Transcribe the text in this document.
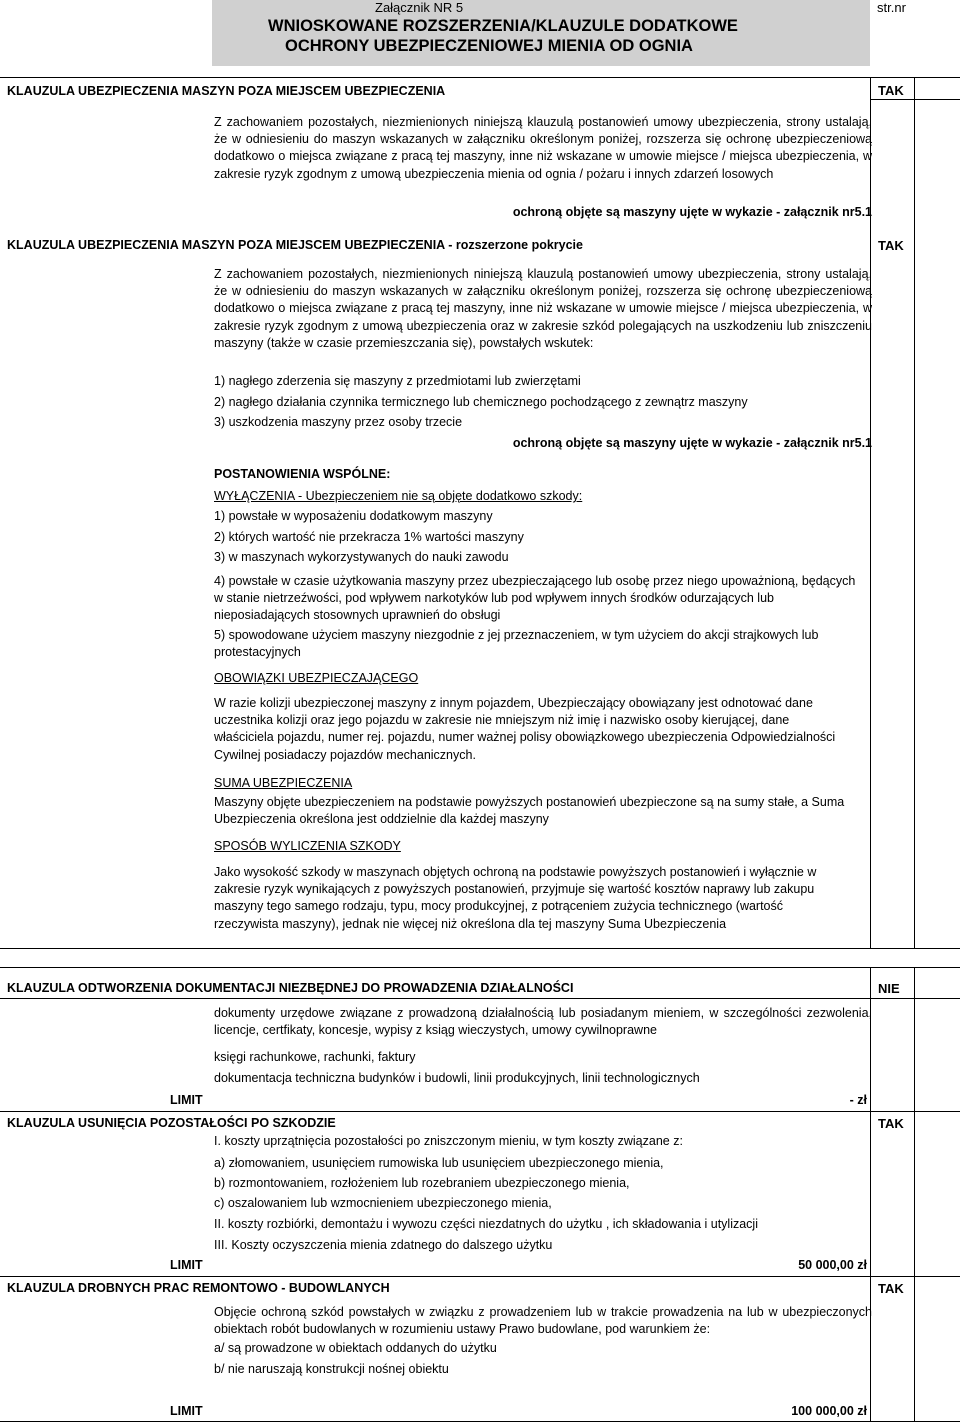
Załącznik NR 5	str.nr
WNIOSKOWANE ROZSZERZENIA/KLAUZULE DODATKOWE
OCHRONY UBEZPIECZENIOWEJ MIENIA OD OGNIA
KLAUZULA UBEZPIECZENIA MASZYN POZA MIEJSCEM UBEZPIECZENIA	TAK
Z zachowaniem pozostałych, niezmienionych niniejszą klauzulą postanowień umowy ubezpieczenia, strony ustalają, że w odniesieniu do maszyn wskazanych w załączniku określonym poniżej, rozszerza się ochronę ubezpieczeniową dodatkowo o miejsca związane z pracą tej maszyny, inne niż wskazane w umowie miejsce / miejsca ubezpieczenia, w zakresie ryzyk zgodnym z umową ubezpieczenia mienia od ognia / pożaru i innych zdarzeń losowych
ochroną objęte są maszyny ujęte w wykazie - załącznik nr5.1
KLAUZULA UBEZPIECZENIA MASZYN POZA MIEJSCEM UBEZPIECZENIA - rozszerzone pokrycie	TAK
Z zachowaniem pozostałych, niezmienionych niniejszą klauzulą postanowień umowy ubezpieczenia, strony ustalają, że w odniesieniu do maszyn wskazanych w załączniku określonym poniżej, rozszerza się ochronę ubezpieczeniową dodatkowo o miejsca związane z pracą tej maszyny, inne niż wskazane w umowie miejsce / miejsca ubezpieczenia, w zakresie ryzyk zgodnym z umową ubezpieczenia oraz w zakresie szkód polegających na uszkodzeniu lub zniszczeniu maszyny (także w czasie przemieszczania się), powstałych wskutek:
1) nagłego zderzenia się maszyny z przedmiotami lub zwierzętami
2) nagłego działania czynnika termicznego lub chemicznego pochodzącego z zewnątrz maszyny
3) uszkodzenia maszyny przez osoby trzecie
ochroną objęte są maszyny ujęte w wykazie - załącznik nr5.1
POSTANOWIENIA WSPÓLNE:
WYŁĄCZENIA - Ubezpieczeniem nie są objęte dodatkowo szkody:
1) powstałe w wyposażeniu dodatkowym maszyny
2) których wartość nie przekracza 1% wartości maszyny
3) w maszynach wykorzystywanych do nauki zawodu
4) powstałe w czasie użytkowania maszyny przez ubezpieczającego lub osobę przez niego upoważnioną, będących w stanie nietrzeźwości, pod wpływem narkotyków lub pod wpływem innych środków odurzających lub nieposiadających stosownych uprawnień do obsługi
5) spowodowane użyciem maszyny niezgodnie z jej przeznaczeniem, w tym użyciem do akcji strajkowych lub protestacyjnych
OBOWIĄZKI UBEZPIECZAJĄCEGO
W razie kolizji ubezpieczonej maszyny z innym pojazdem, Ubezpieczający obowiązany jest odnotować dane uczestnika kolizji oraz jego pojazdu w zakresie nie mniejszym niż imię i nazwisko osoby kierującej, dane właściciela pojazdu, numer rej. pojazdu, numer ważnej polisy obowiązkowego ubezpieczenia Odpowiedzialności Cywilnej posiadaczy pojazdów mechanicznych.
SUMA UBEZPIECZENIA
Maszyny objęte ubezpieczeniem na podstawie powyższych postanowień ubezpieczone są na sumy stałe, a Suma Ubezpieczenia określona jest oddzielnie dla każdej maszyny
SPOSÓB WYLICZENIA SZKODY
Jako wysokość szkody w maszynach objętych ochroną na podstawie powyższych postanowień i wyłącznie w zakresie ryzyk wynikających z powyższych postanowień, przyjmuje się wartość kosztów naprawy lub zakupu maszyny tego samego rodzaju, typu, mocy produkcyjnej, z potrąceniem zużycia technicznego (wartość rzeczywista maszyny), jednak nie więcej niż określona dla tej maszyny Suma Ubezpieczenia
KLAUZULA ODTWORZENIA DOKUMENTACJI NIEZBĘDNEJ DO PROWADZENIA DZIAŁALNOŚCI	NIE
dokumenty urzędowe związane z prowadzoną działalnością lub posiadanym mieniem, w szczególności zezwolenia, licencje, certfikaty, koncesje, wypisy z ksiąg wieczystych, umowy cywilnoprawne
księgi rachunkowe, rachunki, faktury
dokumentacja techniczna budynków i budowli, linii produkcyjnych, linii technologicznych
LIMIT	- zł
KLAUZULA USUNIĘCIA POZOSTAŁOŚCI PO SZKODZIE	TAK
I. koszty uprzątnięcia pozostałości po zniszczonym mieniu, w tym koszty związane z:
a) złomowaniem, usunięciem rumowiska lub usunięciem ubezpieczonego mienia,
b) rozmontowaniem, rozłożeniem lub rozebraniem ubezpieczonego mienia,
c) oszalowaniem lub wzmocnieniem ubezpieczonego mienia,
II. koszty rozbiórki, demontażu i wywozu części niezdatnych do użytku , ich składowania i utylizacji
III. Koszty oczyszczenia mienia zdatnego do dalszego użytku
LIMIT	50 000,00 zł
KLAUZULA DROBNYCH PRAC REMONTOWO - BUDOWLANYCH	TAK
Objęcie ochroną szkód powstałych w związku z prowadzeniem lub w trakcie prowadzenia na lub w ubezpieczonych obiektach robót budowlanych w rozumieniu ustawy Prawo budowlane, pod warunkiem że:
a/ są prowadzone w obiektach oddanych do użytku
b/ nie naruszają konstrukcji nośnej obiektu
LIMIT	100 000,00 zł
